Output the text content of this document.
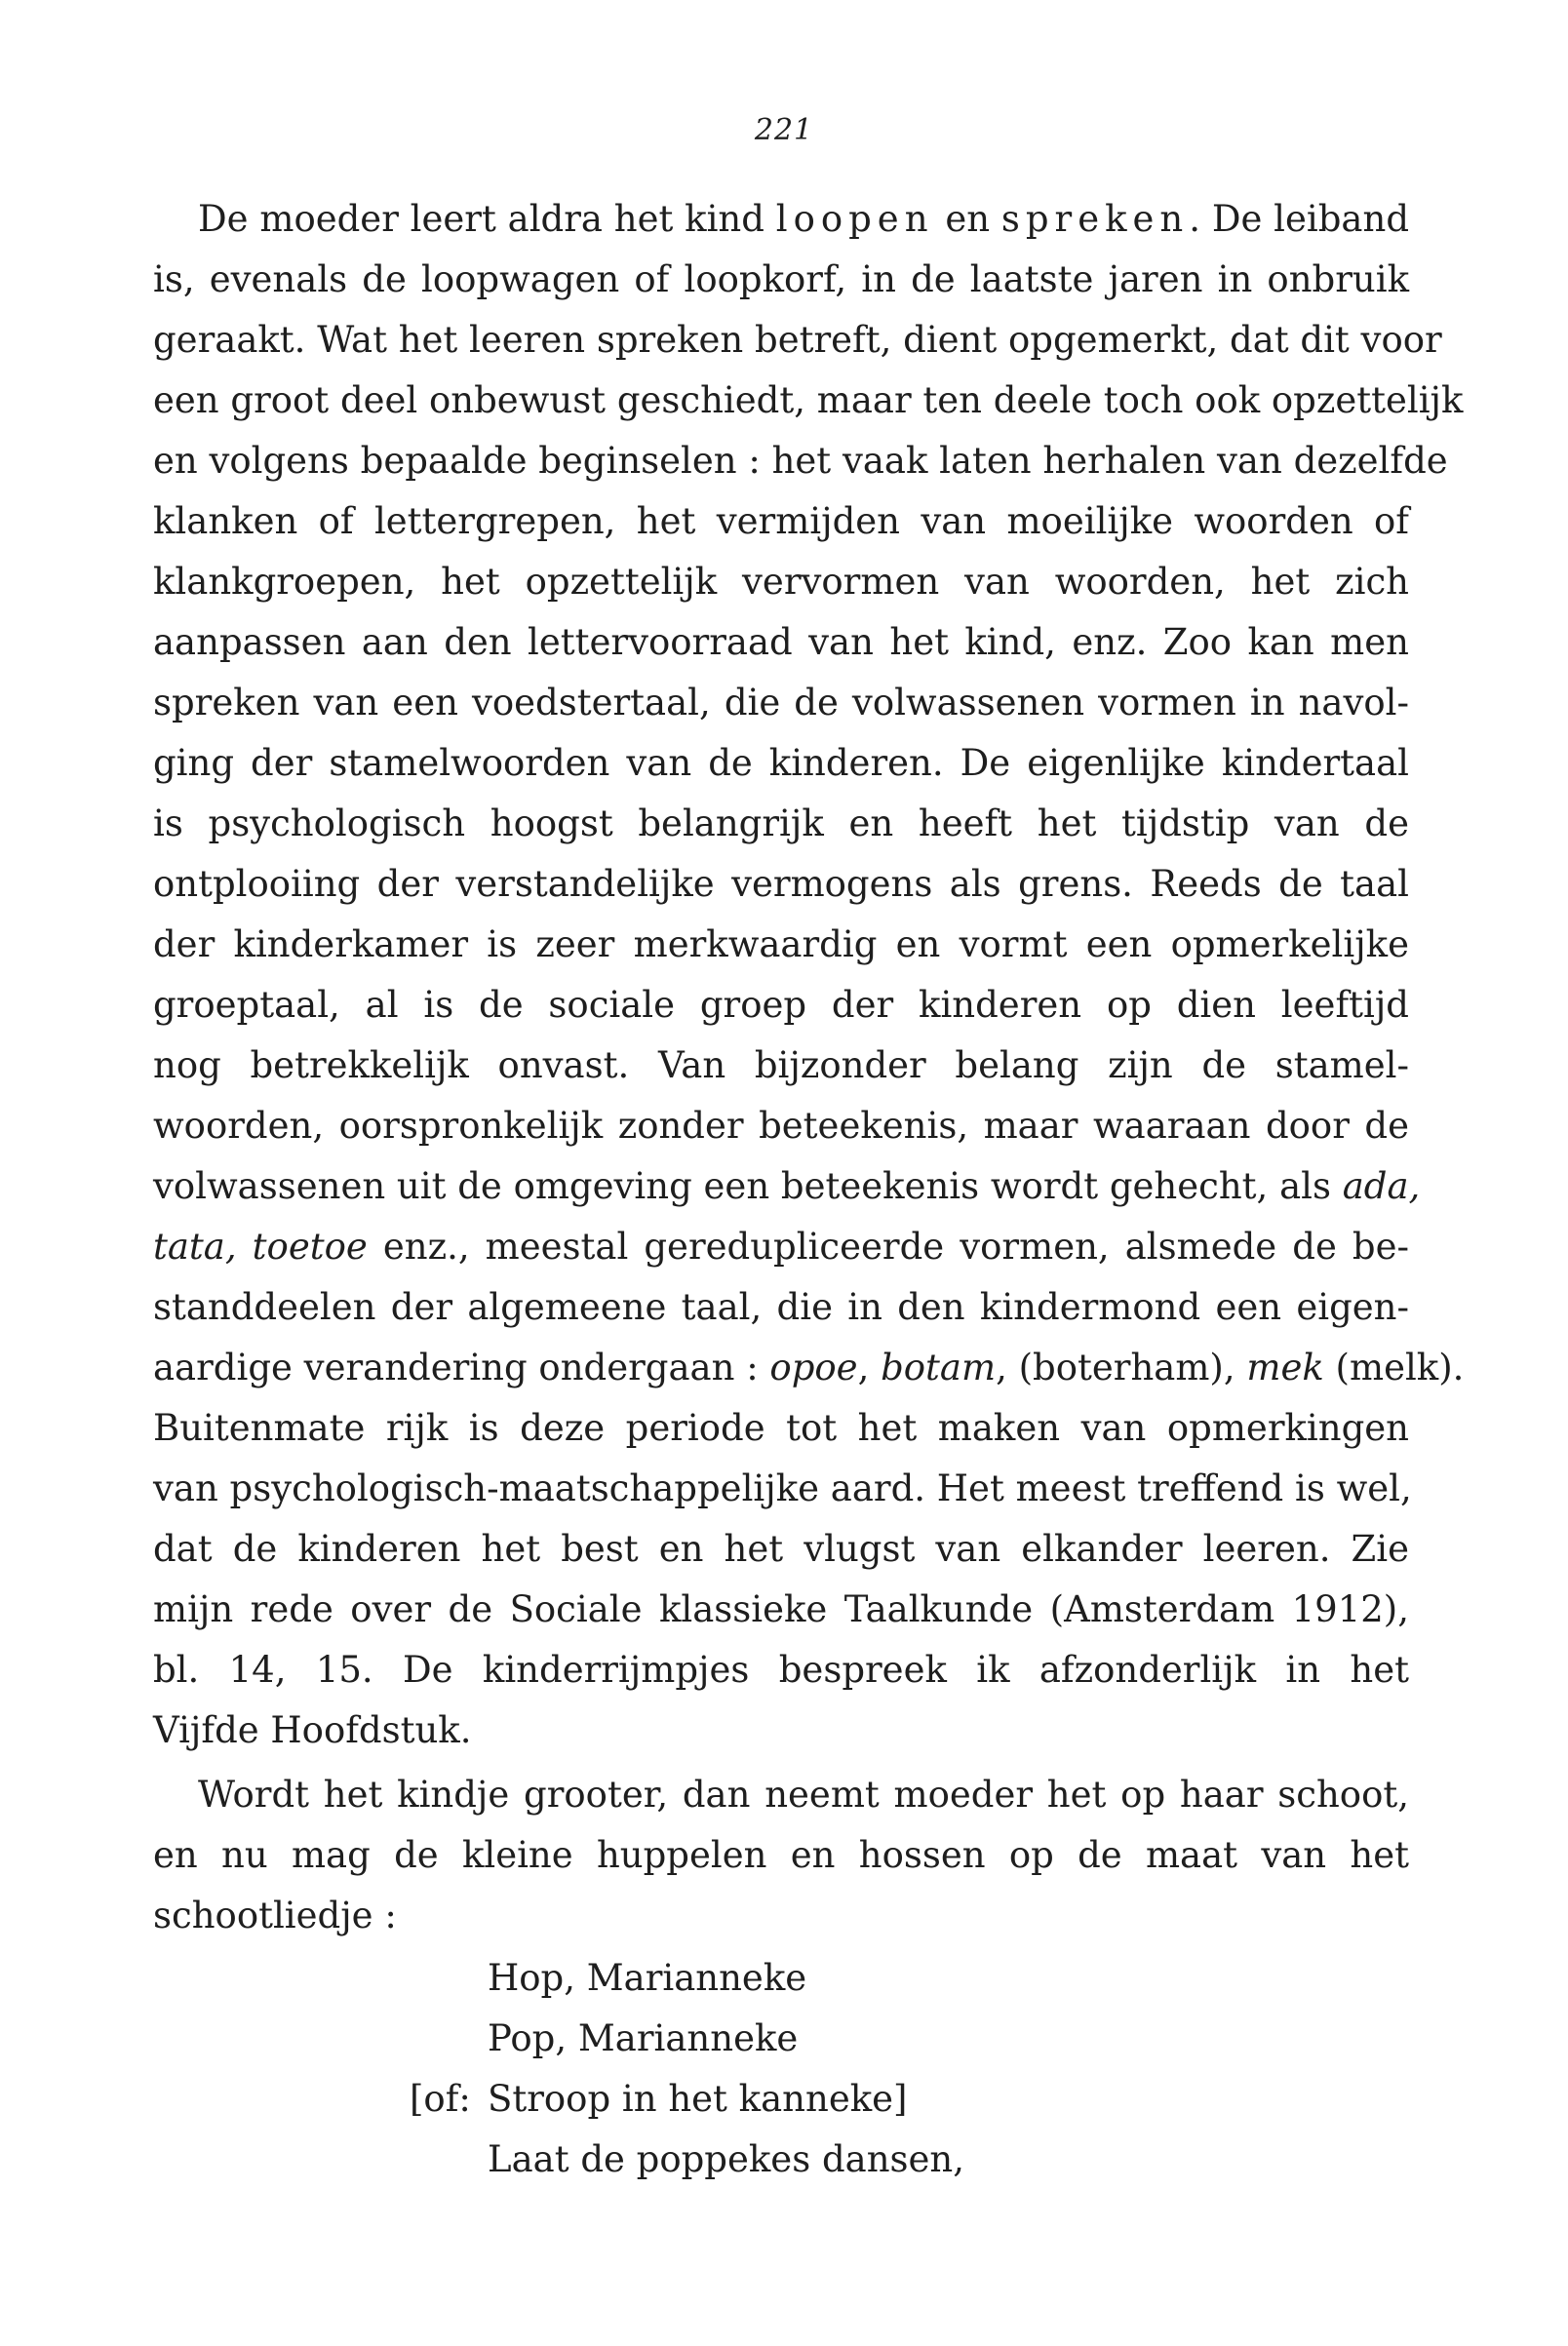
221
De moeder leert aldra het kind loopen en spreken. De leiband
is, evenals de loopwagen of loopkorf, in de laatste jaren in onbruik
geraakt. Wat het leeren spreken betreft, dient opgemerkt, dat dit voor
een groot deel onbewust geschiedt, maar ten deele toch ook opzettelijk
en volgens bepaalde beginselen : het vaak laten herhalen van dezelfde
klanken of lettergrepen, het vermijden van moeilijke woorden of
klankgroepen, het opzettelijk vervormen van woorden, het zich
aanpassen aan den lettervoorraad van het kind, enz. Zoo kan men
spreken van een voedstertaal, die de volwassenen vormen in navol-
ging der stamelwoorden van de kinderen. De eigenlijke kindertaal
is psychologisch hoogst belangrijk en heeft het tijdstip van de
ontplooiing der verstandelijke vermogens als grens. Reeds de taal
der kinderkamer is zeer merkwaardig en vormt een opmerkelijke
groeptaal, al is de sociale groep der kinderen op dien leeftijd
nog betrekkelijk onvast. Van bijzonder belang zijn de stamel-
woorden, oorspronkelijk zonder beteekenis, maar waaraan door de
volwassenen uit de omgeving een beteekenis wordt gehecht, als ada,
tata, toetoe enz., meestal gereduplicеerde vormen, alsmede de be-
standdeelen der algemeene taal, die in den kindermond een eigen-
aardige verandering ondergaan : opoe, botam, (boterham), mek (melk).
Buitenmate rijk is deze periode tot het maken van opmerkingen
van psychologisch-maatschappelijke aard. Het meest treffend is wel,
dat de kinderen het best en het vlugst van elkander leeren. Zie
mijn rede over de Sociale klassieke Taalkunde (Amsterdam 1912),
bl. 14, 15. De kinderrijmpjes bespreek ik afzonderlijk in het
Vijfde Hoofdstuk.
Wordt het kindje grooter, dan neemt moeder het op haar schoot,
en nu mag de kleine huppelen en hossen op de maat van het
schootliedje :
Hop, Marianneke
Pop, Marianneke
[of: Stroop in het kanneke]
Laat de poppekes dansen,
